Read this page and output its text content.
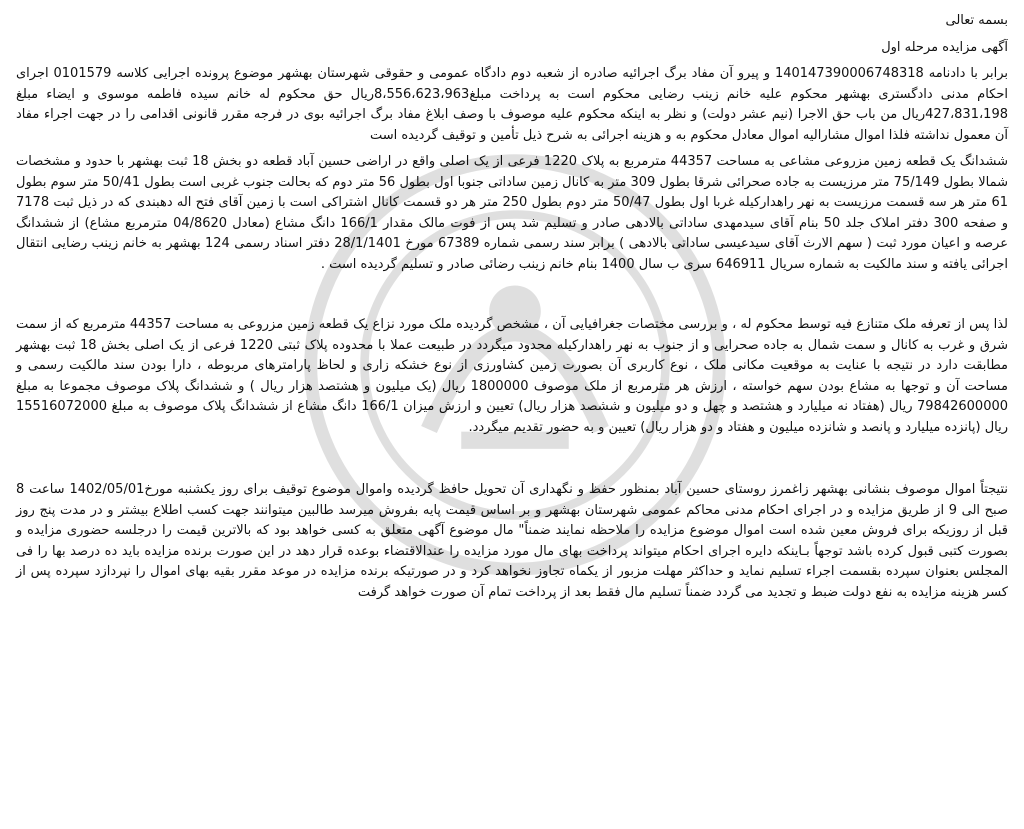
بسمه تعالی

آگهی مزایده مرحله اول

برابر با دادنامه 140147390006748318 و پیرو آن مفاد برگ اجرائیه صادره از شعبه دوم دادگاه عمومی و حقوقی شهرستان بهشهر موضوع پرونده اجرایی کلاسه 0101579 اجرای احکام مدنی دادگستری بهشهر محکوم علیه خانم زینب رضایی محکوم است به پرداخت مبلغ8،556،623،963ریال حق محکوم له خانم سیده فاطمه موسوی و ایضاء مبلغ 427،831،198ریال من باب حق الاجرا (نیم عشر دولت) و نظر به اینکه محکوم علیه موصوف با وصف ابلاغ مفاد برگ اجرائیه بوی در فرجه مقرر قانونی اقدامی را در جهت اجراء مفاد آن معمول نداشته فلذا اموال مشارالیه اموال معادل محکوم به و هزینه اجرائی به شرح ذیل تأمین و توقیف گردیده است

ششدانگ یک قطعه زمین مزروعی مشاعی به مساحت 44357 مترمربع به پلاک 1220 فرعی از یک اصلی واقع در اراضی حسین آباد قطعه دو بخش 18 ثبت بهشهر با حدود و مشخصات شمالا بطول 75/149 متر مرزیست به جاده صحرائی شرقا بطول 309 متر به کانال زمین ساداتی جنوبا اول بطول 56 متر دوم که بحالت جنوب غربی است بطول 50/41 متر سوم بطول 61 متر هر سه قسمت مرزیست به نهر راهدارکیله غربا اول بطول 50/47 متر دوم بطول 250 متر هر دو قسمت کانال اشتراکی است با زمین آقای فتح اله دهبندی که در ذیل ثبت 7178 و صفحه 300 دفتر املاک جلد 50 بنام آقای سیدمهدی ساداتی بالادهی صادر و تسلیم شد پس از فوت مالک مقدار 166/1 دانگ مشاع (معادل 04/8620 مترمربع مشاع) از ششدانگ عرصه و اعیان مورد ثبت ( سهم الارث آقای سیدعیسی ساداتی بالادهی ) برابر سند رسمی شماره 67389 مورخ 28/1/1401 دفتر اسناد رسمی 124 بهشهر به خانم زینب رضایی انتقال اجرائی یافته و سند مالکیت به شماره سریال 646911 سری ب سال 1400 بنام خانم زینب رضائی صادر و تسلیم گردیده است .

لذا پس از تعرفه ملک متنازع فیه توسط محکوم له ، و بررسی مختصات جغرافیایی آن ، مشخص گردیده ملک مورد نزاع یک قطعه زمین مزروعی به مساحت 44357 مترمربع که از سمت شرق و غرب به کانال و سمت شمال به جاده صحرایی و از جنوب به نهر راهدارکیله محدود میگردد در طبیعت عملا با محدوده پلاک ثبتی 1220 فرعی از یک اصلی بخش 18 ثبت بهشهر مطابقت دارد در نتیجه با عنایت به موقعیت مکانی ملک ، نوع کاربری آن بصورت زمین کشاورزی از نوع خشکه زاری و لحاظ پارامترهای مربوطه ، دارا بودن سند مالکیت رسمی و مساحت آن و توجها به مشاع بودن سهم خواسته ، ارزش هر مترمربع از ملک موصوف 1800000 ریال (یک میلیون و هشتصد هزار ریال ) و ششدانگ پلاک موصوف مجموعا به مبلغ 79842600000 ریال (هفتاد نه میلیارد و هشتصد و چهل و دو میلیون و ششصد هزار ریال) تعیین و ارزش میزان 166/1 دانگ مشاع از ششدانگ پلاک موصوف به مبلغ 15516072000 ریال (پانزده میلیارد و پانصد و شانزده میلیون و هفتاد و دو هزار ریال) تعیین و به حضور تقدیم میگردد.

نتیجتاً اموال موصوف بنشانی بهشهر زاغمرز روستای حسین آباد بمنظور حفظ و نگهداری آن تحویل حافظ گردیده واموال موضوع توقیف برای روز یکشنبه مورخ1402/05/01 ساعت 8 صبح الی 9 از طریق مزایده و در اجرای احکام مدنی محاکم عمومی شهرستان بهشهر و بر اساس قیمت پایه بفروش میرسد طالبین میتوانند جهت کسب اطلاع بیشتر و در مدت پنج روز قبل از روزیکه برای فروش معین شده است اموال موضوع مزایده را ملاحظه نمایند ضمناً" مال موضوع آگهی متعلق به کسی خواهد بود که بالاترین قیمت را درجلسه حضوری مزایده و بصورت کتبی قبول کرده باشد توجهاً بـاینکه دایره اجرای احکام میتواند پرداخت بهای مال مورد مزایده را عندالاقتضاء بوعده قرار دهد در این صورت برنده مزایده باید ده درصد بها را فی المجلس بعنوان سپرده بقسمت اجراء تسلیم نماید و حداکثر مهلت مزبور از یکماه تجاوز نخواهد کرد و در صورتیکه برنده مزایده در موعد مقرر بقیه بهای اموال را نپردازد سپرده پس از کسر هزینه مزایده به نفع دولت ضبط و تجدید می گردد ضمناً تسلیم مال فقط بعد از پرداخت تمام آن صورت خواهد گرفت
